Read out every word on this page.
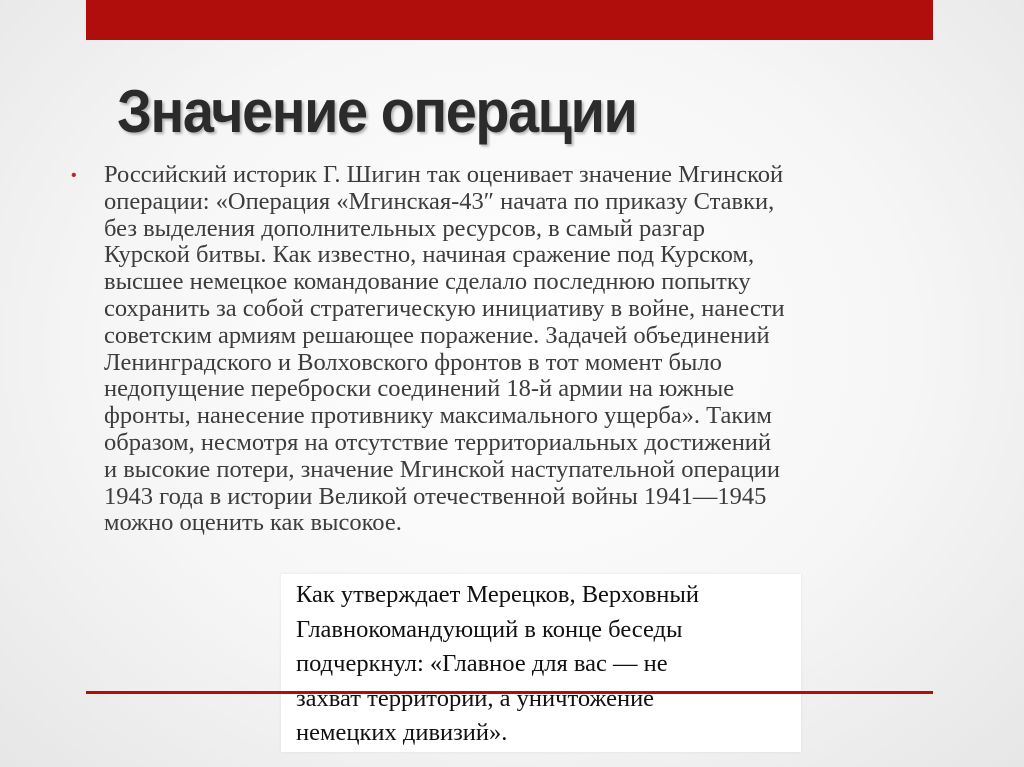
Значение операции
• Российский историк Г. Шигин так оценивает значение Мгинской
операции: «Операция «Мгинская-43″ начата по приказу Ставки,
без выделения дополнительных ресурсов, в самый разгар
Курской битвы. Как известно, начиная сражение под Курском,
высшее немецкое командование сделало последнюю попытку
сохранить за собой стратегическую инициативу в войне, нанести
советским армиям решающее поражение. Задачей объединений
Ленинградского и Волховского фронтов в тот момент было
недопущение переброски соединений 18-й армии на южные
фронты, нанесение противнику максимального ущерба». Таким
образом, несмотря на отсутствие территориальных достижений
и высокие потери, значение Мгинской наступательной операции
1943 года в истории Великой отечественной войны 1941—1945
можно оценить как высокое.

Как утверждает Мерецков, Верховный
Главнокомандующий в конце беседы
подчеркнул: «Главное для вас — не
захват территории, а уничтожение
немецких дивизий».
